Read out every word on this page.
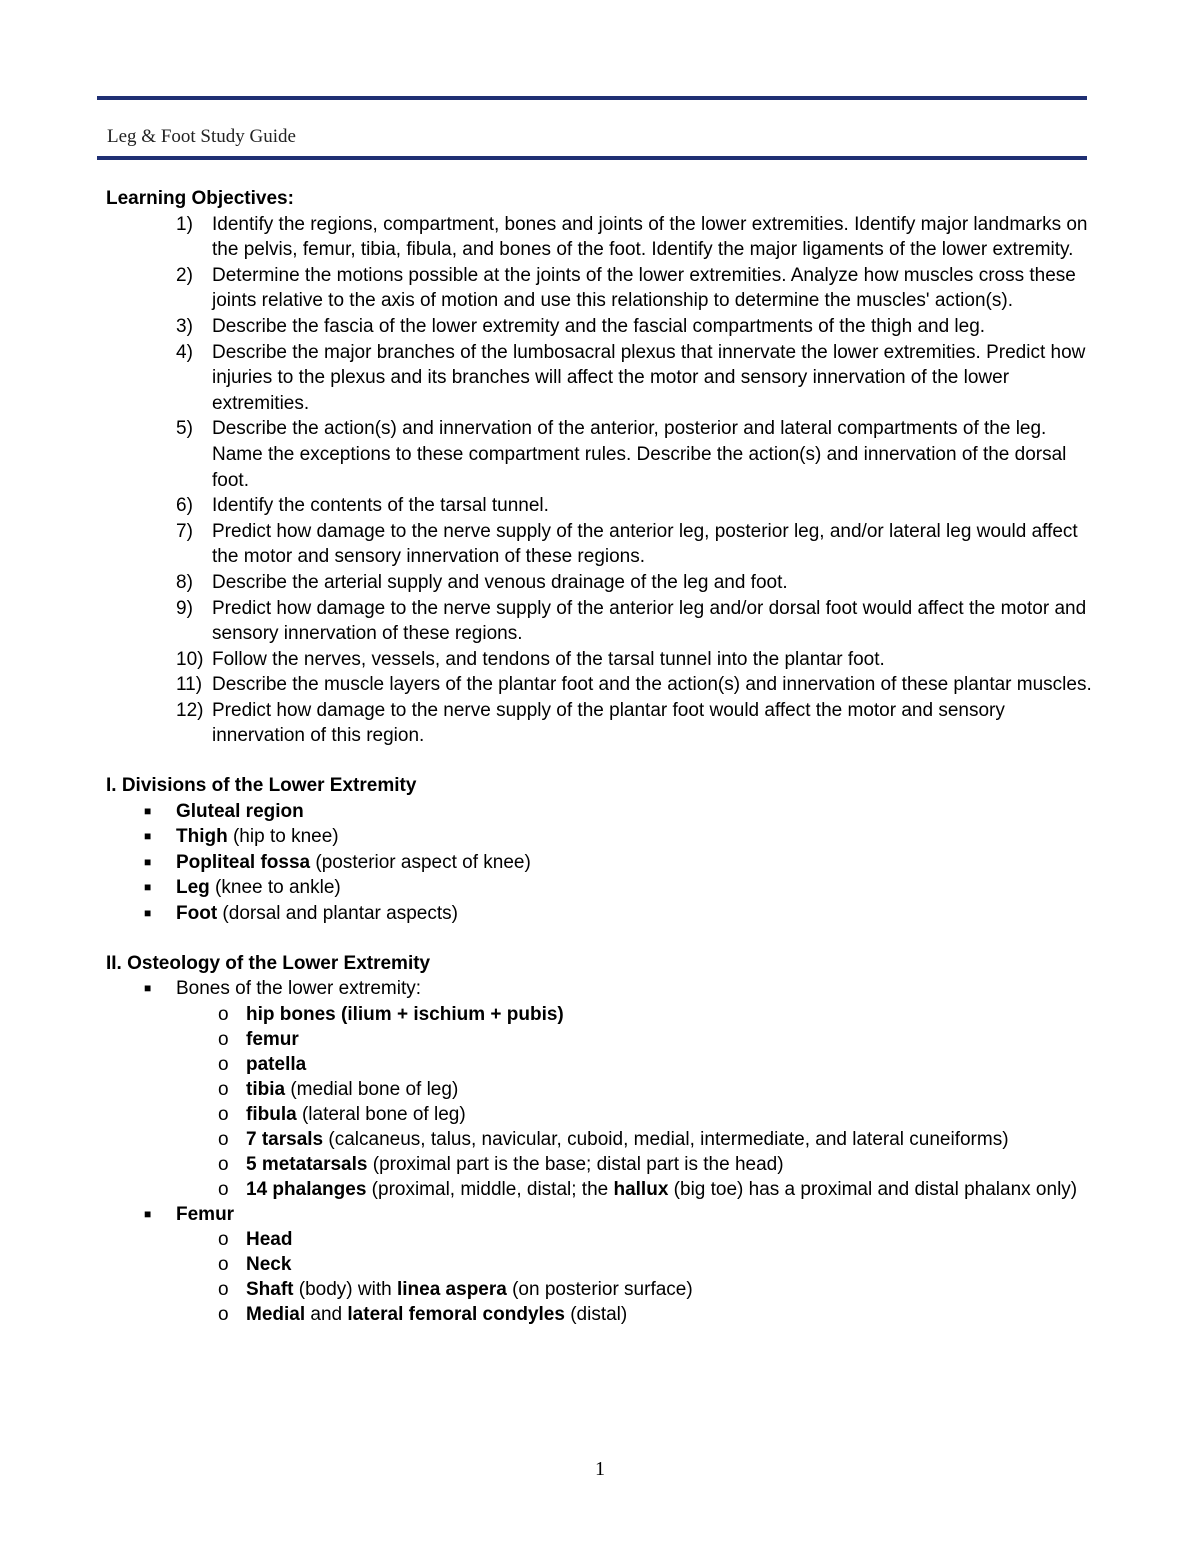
Leg & Foot Study Guide

Learning Objectives:

1) Identify the regions, compartment, bones and joints of the lower extremities. Identify major landmarks on the pelvis, femur, tibia, fibula, and bones of the foot. Identify the major ligaments of the lower extremity.
2) Determine the motions possible at the joints of the lower extremities. Analyze how muscles cross these joints relative to the axis of motion and use this relationship to determine the muscles' action(s).
3) Describe the fascia of the lower extremity and the fascial compartments of the thigh and leg.
4) Describe the major branches of the lumbosacral plexus that innervate the lower extremities. Predict how injuries to the plexus and its branches will affect the motor and sensory innervation of the lower extremities.
5) Describe the action(s) and innervation of the anterior, posterior and lateral compartments of the leg. Name the exceptions to these compartment rules. Describe the action(s) and innervation of the dorsal foot.
6) Identify the contents of the tarsal tunnel.
7) Predict how damage to the nerve supply of the anterior leg, posterior leg, and/or lateral leg would affect the motor and sensory innervation of these regions.
8) Describe the arterial supply and venous drainage of the leg and foot.
9) Predict how damage to the nerve supply of the anterior leg and/or dorsal foot would affect the motor and sensory innervation of these regions.
10) Follow the nerves, vessels, and tendons of the tarsal tunnel into the plantar foot.
11) Describe the muscle layers of the plantar foot and the action(s) and innervation of these plantar muscles.
12) Predict how damage to the nerve supply of the plantar foot would affect the motor and sensory innervation of this region.

I. Divisions of the Lower Extremity

■ Gluteal region
■ Thigh (hip to knee)
■ Popliteal fossa (posterior aspect of knee)
■ Leg (knee to ankle)
■ Foot (dorsal and plantar aspects)

II. Osteology of the Lower Extremity

■ Bones of the lower extremity:
o hip bones (ilium + ischium + pubis)
o femur
o patella
o tibia (medial bone of leg)
o fibula (lateral bone of leg)
o 7 tarsals (calcaneus, talus, navicular, cuboid, medial, intermediate, and lateral cuneiforms)
o 5 metatarsals (proximal part is the base; distal part is the head)
o 14 phalanges (proximal, middle, distal; the hallux (big toe) has a proximal and distal phalanx only)
■ Femur
o Head
o Neck
o Shaft (body) with linea aspera (on posterior surface)
o Medial and lateral femoral condyles (distal)
1
